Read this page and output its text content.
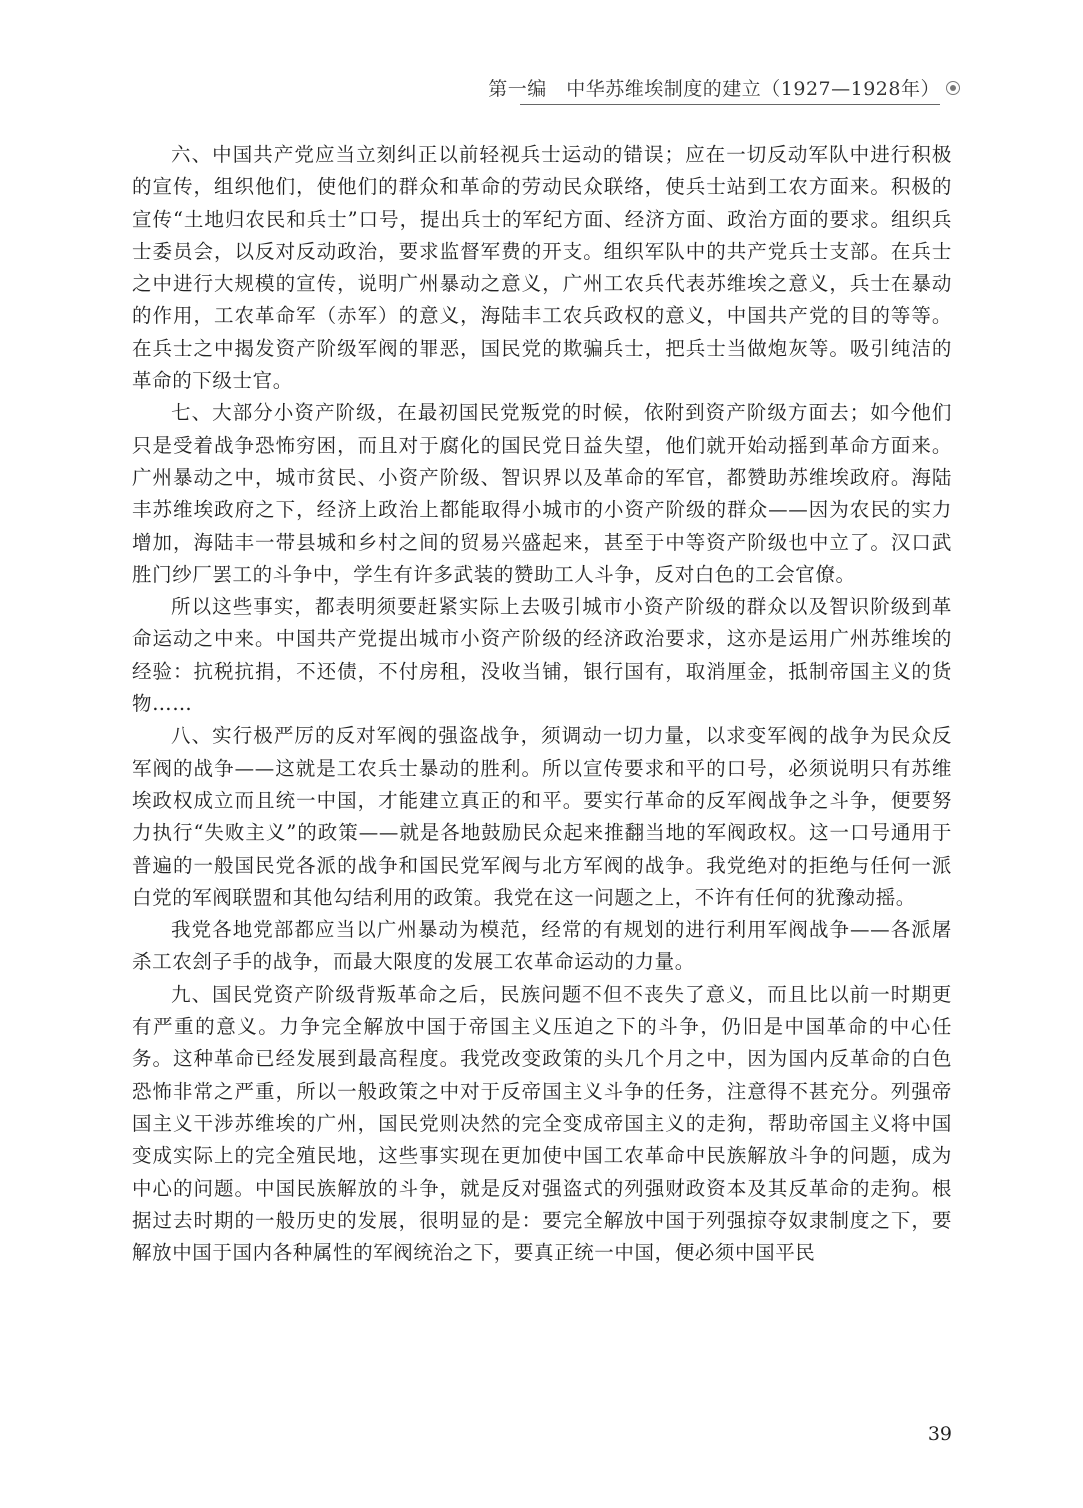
第一编　中华苏维埃制度的建立（1927—1928年）

六、中国共产党应当立刻纠正以前轻视兵士运动的错误；应在一切反动军队中进行积极的宣传，组织他们，使他们的群众和革命的劳动民众联络，使兵士站到工农方面来。积极的宣传“土地归农民和兵士”口号，提出兵士的军纪方面、经济方面、政治方面的要求。组织兵士委员会，以反对反动政治，要求监督军费的开支。组织军队中的共产党兵士支部。在兵士之中进行大规模的宣传，说明广州暴动之意义，广州工农兵代表苏维埃之意义，兵士在暴动的作用，工农革命军（赤军）的意义，海陆丰工农兵政权的意义，中国共产党的目的等等。在兵士之中揭发资产阶级军阀的罪恶，国民党的欺骗兵士，把兵士当做炮灰等。吸引纯洁的革命的下级士官。

七、大部分小资产阶级，在最初国民党叛党的时候，依附到资产阶级方面去；如今他们只是受着战争恐怖穷困，而且对于腐化的国民党日益失望，他们就开始动摇到革命方面来。广州暴动之中，城市贫民、小资产阶级、智识界以及革命的军官，都赞助苏维埃政府。海陆丰苏维埃政府之下，经济上政治上都能取得小城市的小资产阶级的群众——因为农民的实力增加，海陆丰一带县城和乡村之间的贸易兴盛起来，甚至于中等资产阶级也中立了。汉口武胜门纱厂罢工的斗争中，学生有许多武装的赞助工人斗争，反对白色的工会官僚。

所以这些事实，都表明须要赶紧实际上去吸引城市小资产阶级的群众以及智识阶级到革命运动之中来。中国共产党提出城市小资产阶级的经济政治要求，这亦是运用广州苏维埃的经验：抗税抗捐，不还债，不付房租，没收当铺，银行国有，取消厘金，抵制帝国主义的货物……

八、实行极严厉的反对军阀的强盗战争，须调动一切力量，以求变军阀的战争为民众反军阀的战争——这就是工农兵士暴动的胜利。所以宣传要求和平的口号，必须说明只有苏维埃政权成立而且统一中国，才能建立真正的和平。要实行革命的反军阀战争之斗争，便要努力执行“失败主义”的政策——就是各地鼓励民众起来推翻当地的军阀政权。这一口号通用于普遍的一般国民党各派的战争和国民党军阀与北方军阀的战争。我党绝对的拒绝与任何一派白党的军阀联盟和其他勾结利用的政策。我党在这一问题之上，不许有任何的犹豫动摇。

我党各地党部都应当以广州暴动为模范，经常的有规划的进行利用军阀战争——各派屠杀工农刽子手的战争，而最大限度的发展工农革命运动的力量。

九、国民党资产阶级背叛革命之后，民族问题不但不丧失了意义，而且比以前一时期更有严重的意义。力争完全解放中国于帝国主义压迫之下的斗争，仍旧是中国革命的中心任务。这种革命已经发展到最高程度。我党改变政策的头几个月之中，因为国内反革命的白色恐怖非常之严重，所以一般政策之中对于反帝国主义斗争的任务，注意得不甚充分。列强帝国主义干涉苏维埃的广州，国民党则决然的完全变成帝国主义的走狗，帮助帝国主义将中国变成实际上的完全殖民地，这些事实现在更加使中国工农革命中民族解放斗争的问题，成为中心的问题。中国民族解放的斗争，就是反对强盗式的列强财政资本及其反革命的走狗。根据过去时期的一般历史的发展，很明显的是：要完全解放中国于列强掠夺奴隶制度之下，要解放中国于国内各种属性的军阀统治之下，要真正统一中国，便必须中国平民

39
